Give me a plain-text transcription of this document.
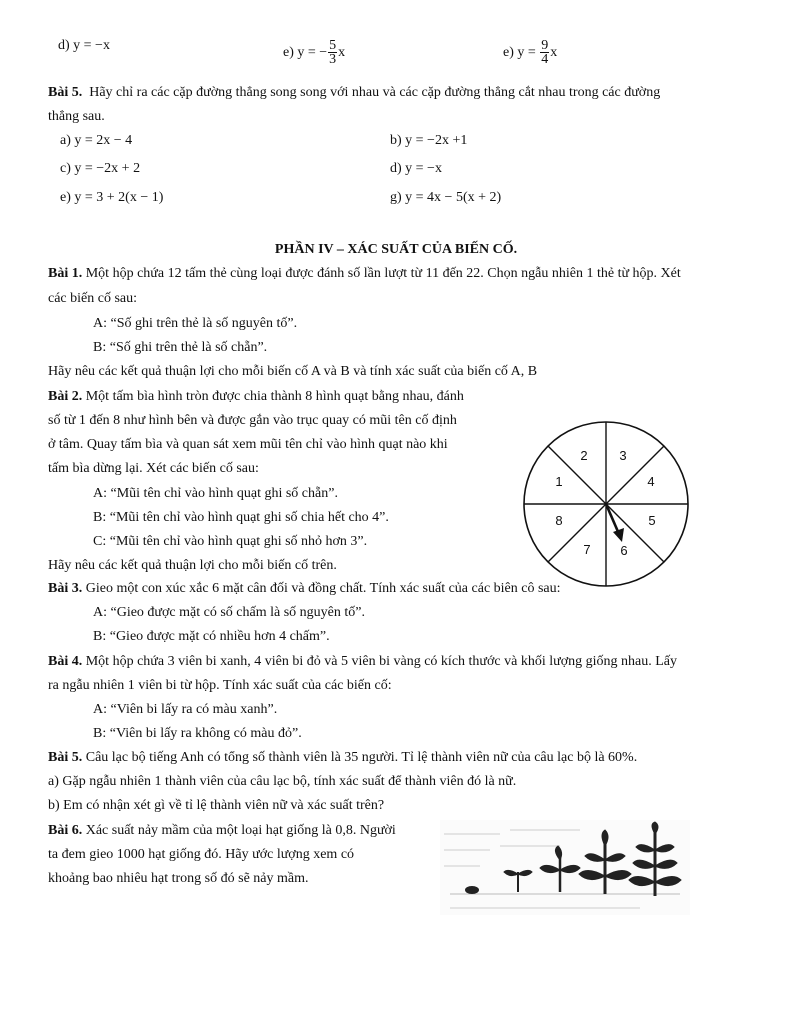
d) y = −x	e) y = − $\frac{5}{3}$ x	e) $y = \frac{9}{4}$ x
Bài 5. Hãy chỉ ra các cặp đường thẳng song song với nhau và các cặp đường thẳng cắt nhau trong các đường
thẳng sau.
a) y = 2x − 4	b) y = −2x +1
c) y = −2x + 2	d) y = −x
e) y = 3 + 2(x − 1)	g) y = 4x − 5(x + 2)
PHẦN IV – XÁC SUẤT CỦA BIẾN CỐ.
Bài 1. Một hộp chứa 12 tấm thẻ cùng loại được đánh số lần lượt từ 11 đến 22. Chọn ngẫu nhiên 1 thẻ từ hộp. Xét
các biến cố sau:
A: “Số ghi trên thẻ là số nguyên tố”.
B: “Số ghi trên thẻ là số chẵn”.
Hãy nêu các kết quả thuận lợi cho mỗi biến cố A và B và tính xác suất của biến cố A, B
Bài 2. Một tấm bìa hình tròn được chia thành 8 hình quạt bằng nhau, đánh
số từ 1 đến 8 như hình bên và được gắn vào trục quay có mũi tên cố định
ở tâm. Quay tấm bìa và quan sát xem mũi tên chỉ vào hình quạt nào khi
tấm bìa dừng lại. Xét các biến cố sau:
A: “Mũi tên chỉ vào hình quạt ghi số chẵn”.
B: “Mũi tên chỉ vào hình quạt ghi số chia hết cho 4”.
C: “Mũi tên chỉ vào hình quạt ghi số nhỏ hơn 3”.
Hãy nêu các kết quả thuận lợi cho mỗi biến cố trên.
2 3
1	4
8	5
7 6
Bài 3. Gieo một con xúc xắc 6 mặt cân đối và đồng chất. Tính xác suất của các biên cô sau:
A: “Gieo được mặt có số chấm là số nguyên tố”.
B: “Gieo được mặt có nhiều hơn 4 chấm”.
Bài 4. Một hộp chứa 3 viên bi xanh, 4 viên bi đỏ và 5 viên bi vàng có kích thước và khối lượng giống nhau. Lấy
ra ngẫu nhiên 1 viên bi từ hộp. Tính xác suất của các biến cố:
A: “Viên bi lấy ra có màu xanh”.
B: “Viên bi lấy ra không có màu đỏ”.
Bài 5. Câu lạc bộ tiếng Anh có tổng số thành viên là 35 người. Tỉ lệ thành viên nữ của câu lạc bộ là 60%.
a) Gặp ngẫu nhiên 1 thành viên của câu lạc bộ, tính xác suất để thành viên đó là nữ.
b) Em có nhận xét gì về tỉ lệ thành viên nữ và xác suất trên?
Bài 6. Xác suất nảy mầm của một loại hạt giống là 0,8. Người
ta đem gieo 1000 hạt giống đó. Hãy ước lượng xem có
khoảng bao nhiêu hạt trong số đó sẽ nảy mầm.
